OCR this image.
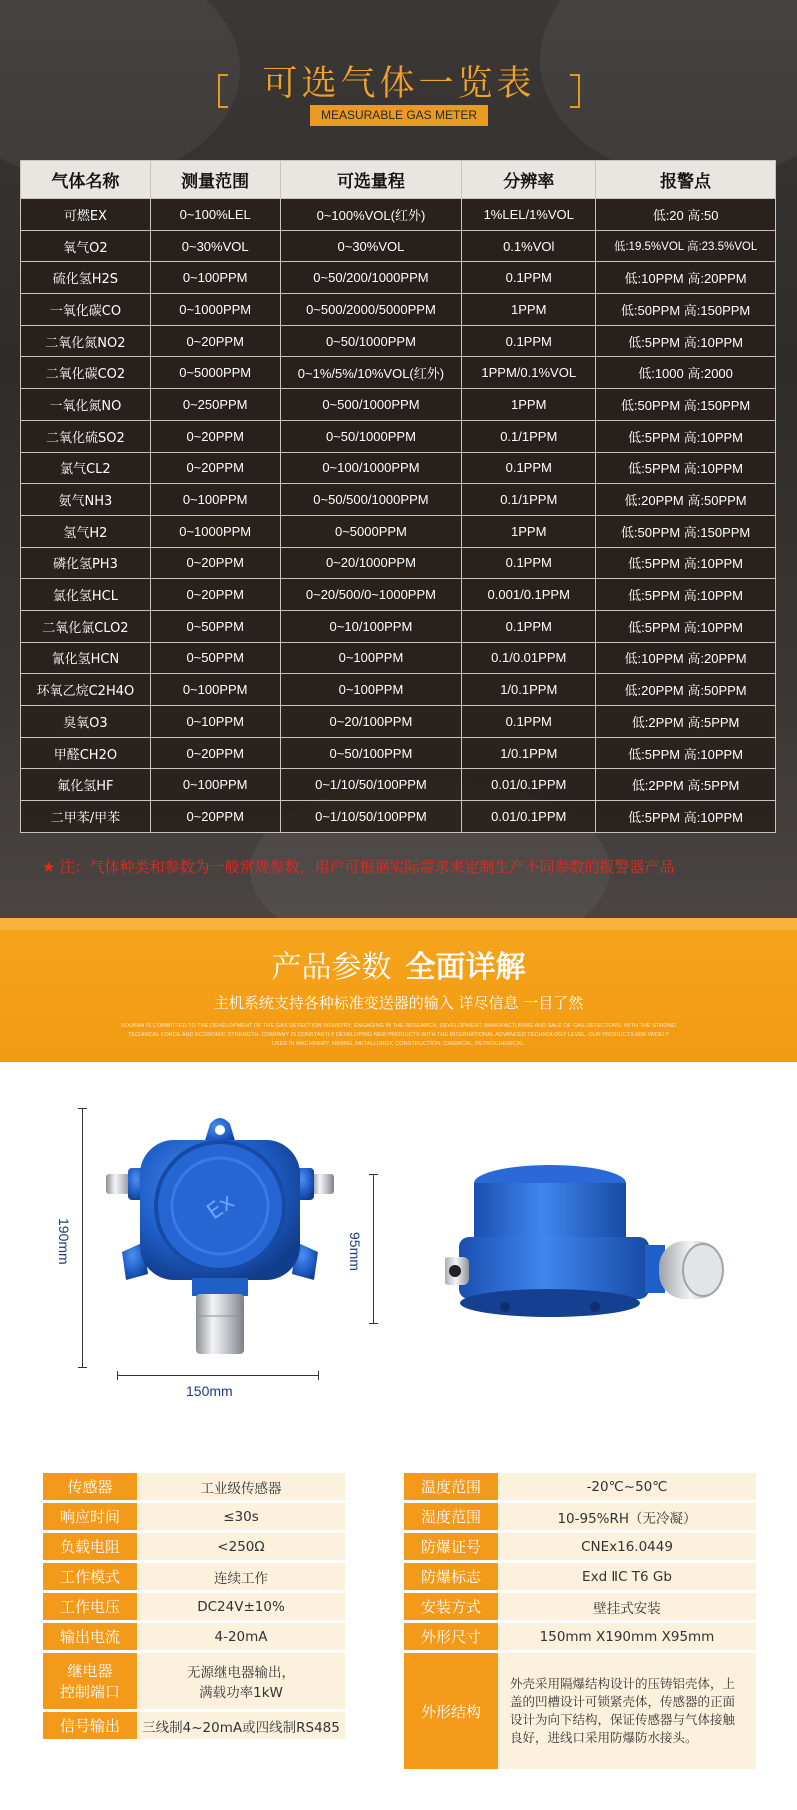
可选气体一览表
MEASURABLE GAS METER
气体名称	测量范围	可选量程	分辨率	报警点
可燃EX	0~100%LEL	0~100%VOL(红外)	1%LEL/1%VOL	低:20 高:50
氧气O2	0~30%VOL	0~30%VOL	0.1%VOl	低:19.5%VOL 高:23.5%VOL
硫化氢H2S	0~100PPM	0~50/200/1000PPM	0.1PPM	低:10PPM 高:20PPM
一氧化碳CO	0~1000PPM	0~500/2000/5000PPM	1PPM	低:50PPM 高:150PPM
二氧化氮NO2	0~20PPM	0~50/1000PPM	0.1PPM	低:5PPM 高:10PPM
二氧化碳CO2	0~5000PPM	0~1%/5%/10%VOL(红外)	1PPM/0.1%VOL	低:1000 高:2000
一氧化氮NO	0~250PPM	0~500/1000PPM	1PPM	低:50PPM 高:150PPM
二氧化硫SO2	0~20PPM	0~50/1000PPM	0.1/1PPM	低:5PPM 高:10PPM
氯气CL2	0~20PPM	0~100/1000PPM	0.1PPM	低:5PPM 高:10PPM
氨气NH3	0~100PPM	0~50/500/1000PPM	0.1/1PPM	低:20PPM 高:50PPM
氢气H2	0~1000PPM	0~5000PPM	1PPM	低:50PPM 高:150PPM
磷化氢PH3	0~20PPM	0~20/1000PPM	0.1PPM	低:5PPM 高:10PPM
氯化氢HCL	0~20PPM	0~20/500/0~1000PPM	0.001/0.1PPM	低:5PPM 高:10PPM
二氧化氯CLO2	0~50PPM	0~10/100PPM	0.1PPM	低:5PPM 高:10PPM
氰化氢HCN	0~50PPM	0~100PPM	0.1/0.01PPM	低:10PPM 高:20PPM
环氧乙烷C2H4O	0~100PPM	0~100PPM	1/0.1PPM	低:20PPM 高:50PPM
臭氧O3	0~10PPM	0~20/100PPM	0.1PPM	低:2PPM 高:5PPM
甲醛CH2O	0~20PPM	0~50/100PPM	1/0.1PPM	低:5PPM 高:10PPM
氟化氢HF	0~100PPM	0~1/10/50/100PPM	0.01/0.1PPM	低:2PPM 高:5PPM
二甲苯/甲苯	0~20PPM	0~1/10/50/100PPM	0.01/0.1PPM	低:5PPM 高:10PPM
★ 注：气体种类和参数为一般常规参数，用户可根据实际需求来定制生产不同参数的报警器产品
产品参数 全面详解
主机系统支持各种标准变送器的输入 详尽信息 一目了然
SOUBAN IS COMMITTED TO THE DEVELOPMENT OF THE GAS DETECTION INDUSTRY, ENGAGING IN THE RESEARCH, DEVELOPMENT, MANUFACTURING AND SALE OF GAS DETECTORS. WITH THE STRONG TECHNICAL FORCE AND ECONOMIC STRENGTH, COMPANY IS CONSTANTLY DEVELOPING NEW PRODUCTS WITH THE INTERNATIONAL ADVANCED TECHNOLOGY LEVEL. OUR PRODUCTS ARE WIDELY USED IN MACHINERY, MINING, METALLURGY, CONSTRUCTION, CHEMICAL, PETROCHEMICAL.
190mm
150mm
Ex
95mm
传感器	工业级传感器
响应时间	≤30s
负载电阻	<250Ω
工作模式	连续工作
工作电压	DC24V±10%
输出电流	4-20mA
继电器
控制端口	无源继电器输出，
满载功率1kW
信号输出	三线制4~20mA或四线制RS485
温度范围	-20℃~50℃
湿度范围	10-95%RH（无冷凝）
防爆证号	CNEx16.0449
防爆标志	Exd ⅡC T6 Gb
安装方式	壁挂式安装
外形尺寸	150mm X190mm X95mm
外形结构	外壳采用隔爆结构设计的压铸铝壳体，上盖的凹槽设计可锁紧壳体，传感器的正面设计为向下结构，保证传感器与气体接触良好，进线口采用防爆防水接头。
